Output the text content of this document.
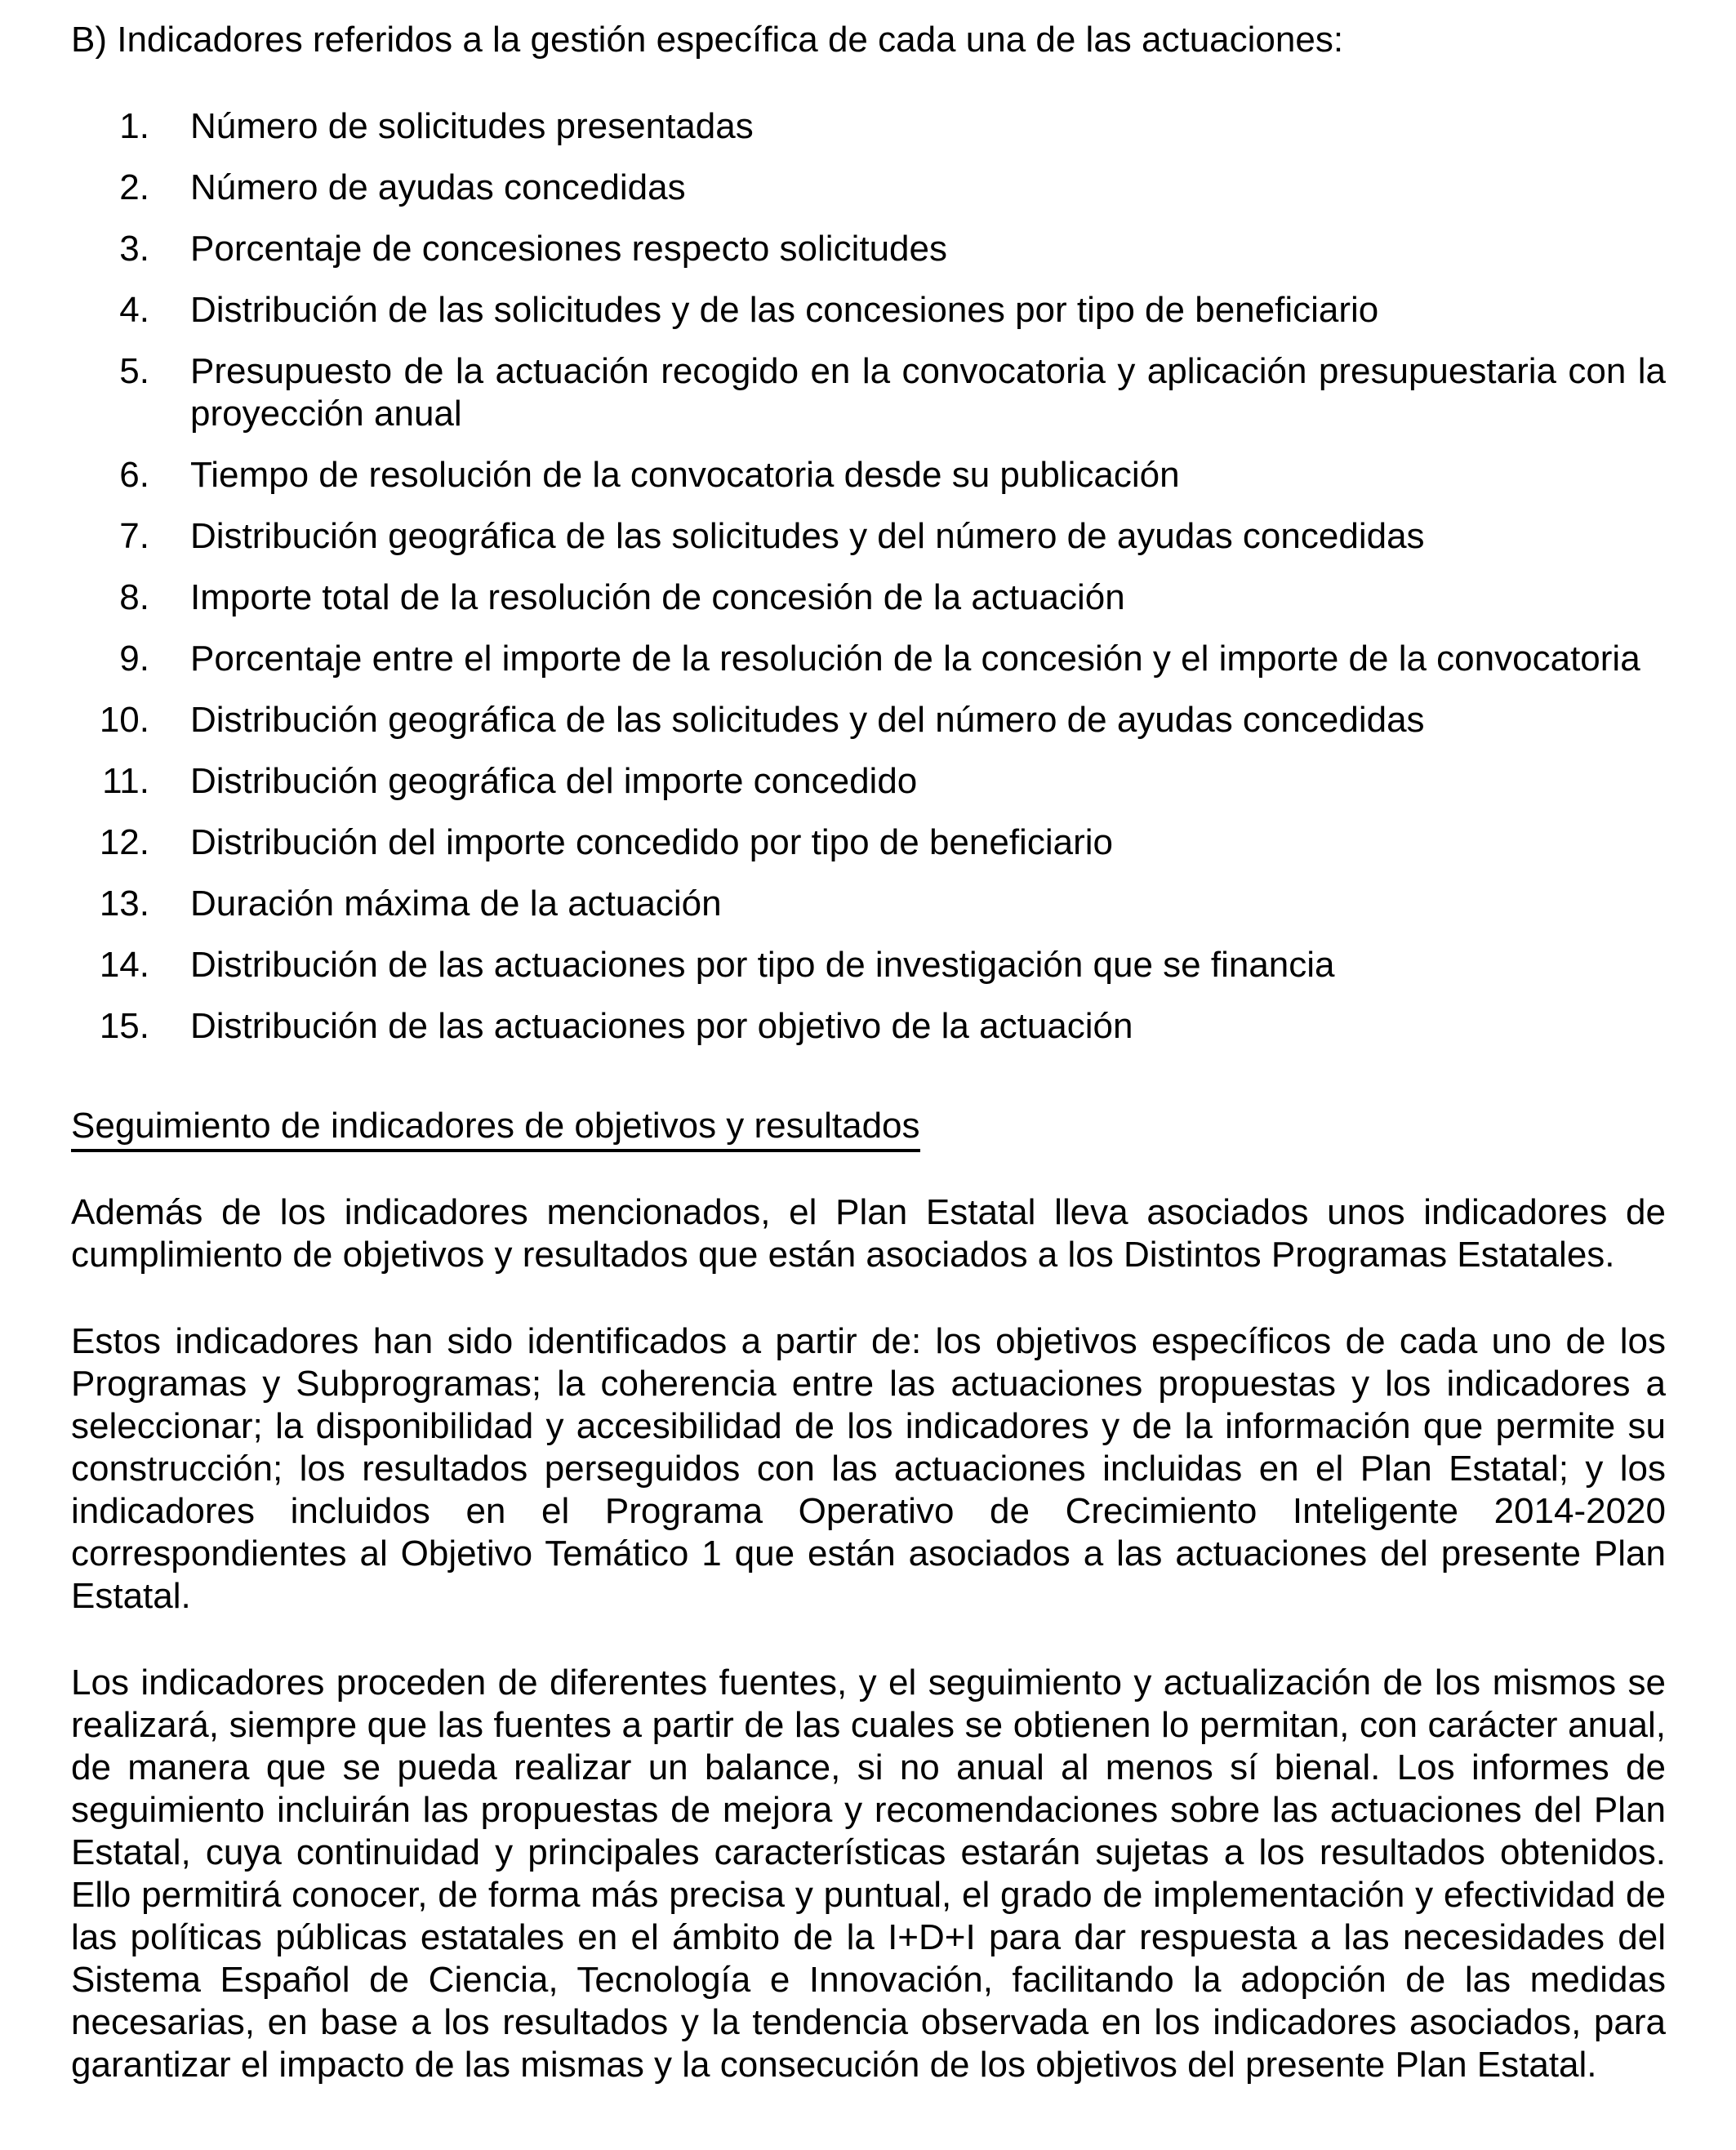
B) Indicadores referidos a la gestión específica de cada una de las actuaciones:
1. Número de solicitudes presentadas
2. Número de ayudas concedidas
3. Porcentaje de concesiones respecto solicitudes
4. Distribución de las solicitudes y de las concesiones por tipo de beneficiario
5. Presupuesto de la actuación recogido en la convocatoria y aplicación presupuestaria con la proyección anual
6. Tiempo de resolución de la convocatoria desde su publicación
7. Distribución geográfica de las solicitudes y del número de ayudas concedidas
8. Importe total de la resolución de concesión de la actuación
9. Porcentaje entre el importe de la resolución de la concesión y el importe de la convocatoria
10. Distribución geográfica de las solicitudes y del número de ayudas concedidas
11. Distribución geográfica del importe concedido
12. Distribución del importe concedido por tipo de beneficiario
13. Duración máxima de la actuación
14. Distribución de las actuaciones por tipo de investigación que se financia
15. Distribución de las actuaciones por objetivo de la actuación
Seguimiento de indicadores de objetivos y resultados

Además de los indicadores mencionados, el Plan Estatal lleva asociados unos indicadores de cumplimiento de objetivos y resultados que están asociados a los Distintos Programas Estatales.

Estos indicadores han sido identificados a partir de: los objetivos específicos de cada uno de los Programas y Subprogramas; la coherencia entre las actuaciones propuestas y los indicadores a seleccionar; la disponibilidad y accesibilidad de los indicadores y de la información que permite su construcción; los resultados perseguidos con las actuaciones incluidas en el Plan Estatal; y los indicadores incluidos en el Programa Operativo de Crecimiento Inteligente 2014-2020 correspondientes al Objetivo Temático 1 que están asociados a las actuaciones del presente Plan Estatal.

Los indicadores proceden de diferentes fuentes, y el seguimiento y actualización de los mismos se realizará, siempre que las fuentes a partir de las cuales se obtienen lo permitan, con carácter anual, de manera que se pueda realizar un balance, si no anual al menos sí bienal. Los informes de seguimiento incluirán las propuestas de mejora y recomendaciones sobre las actuaciones del Plan Estatal, cuya continuidad y principales características estarán sujetas a los resultados obtenidos. Ello permitirá conocer, de forma más precisa y puntual, el grado de implementación y efectividad de las políticas públicas estatales en el ámbito de la I+D+I para dar respuesta a las necesidades del Sistema Español de Ciencia, Tecnología e Innovación, facilitando la adopción de las medidas necesarias, en base a los resultados y la tendencia observada en los indicadores asociados, para garantizar el impacto de las mismas y la consecución de los objetivos del presente Plan Estatal.
